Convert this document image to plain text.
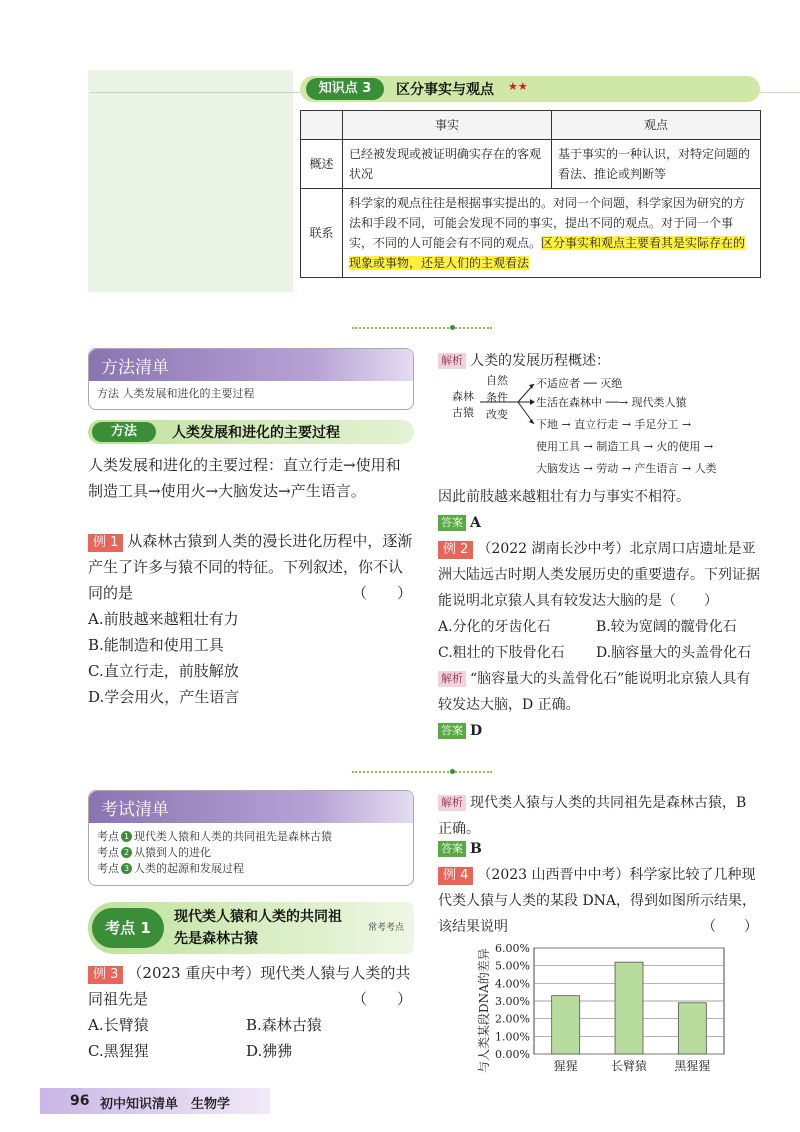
知识点 3	区分事实与观点 ★★
	事实	观点
概述	已经被发现或被证明确实存在的客观状况	基于事实的一种认识，对特定问题的看法、推论或判断等
联系	科学家的观点往往是根据事实提出的。对同一个问题，科学家因为研究的方法和手段不同，可能会发现不同的事实，提出不同的观点。对于同一个事实，不同的人可能会有不同的观点。区分事实和观点主要看其是实际存在的现象或事物，还是人们的主观看法	
方法清单
方法 人类发展和进化的主要过程
方法	人类发展和进化的主要过程
人类发展和进化的主要过程：直立行走→使用和制造工具→使用火→大脑发达→产生语言。
例 1 从森林古猿到人类的漫长进化历程中，逐渐产生了许多与猿不同的特征。下列叙述，你不认同的是	（　　）
A.前肢越来越粗壮有力
B.能制造和使用工具
C.直立行走，前肢解放
D.学会用火，产生语言
解析 人类的发展历程概述：
森林
古猿
自然
条件
改变
不适应者 ── 灭绝
生活在森林中 ──→ 现代类人猿
下地 → 直立行走 → 手足分工 →
使用工具 → 制造工具 → 火的使用 →
大脑发达 → 劳动 → 产生语言 → 人类
因此前肢越来越粗壮有力与事实不相符。
答案 A
例 2 （2022 湖南长沙中考）北京周口店遗址是亚洲大陆远古时期人类发展历史的重要遗存。下列证据能说明北京猿人具有较发达大脑的是（　　）
A.分化的牙齿化石	B.较为宽阔的髋骨化石
C.粗壮的下肢骨化石 D.脑容量大的头盖骨化石
解析 “脑容量大的头盖骨化石”能说明北京猿人具有较发达大脑，D 正确。
答案 D
考试清单
考点 1 现代类人猿和人类的共同祖先是森林古猿
考点 2 从猿到人的进化
考点 3 人类的起源和发展过程
考点 1
现代类人猿和人类的共同祖先是森林古猿
常考考点
例 3 （2023 重庆中考）现代类人猿与人类的共同祖先是	（　　）
A.长臂猿	B.森林古猿
C.黑猩猩	D.狒狒
解析 现代类人猿与人类的共同祖先是森林古猿，B 正确。
答案 B
例 4 （2023 山西晋中中考）科学家比较了几种现代类人猿与人类的某段 DNA，得到如图所示结果，该结果说明	（　　）
0.00%
1.00%
2.00%
3.00%
4.00%
5.00%
6.00%
猩猩	长臂猿 黑猩猩
与人类某段DNA的差异
96 初中知识清单　生物学
